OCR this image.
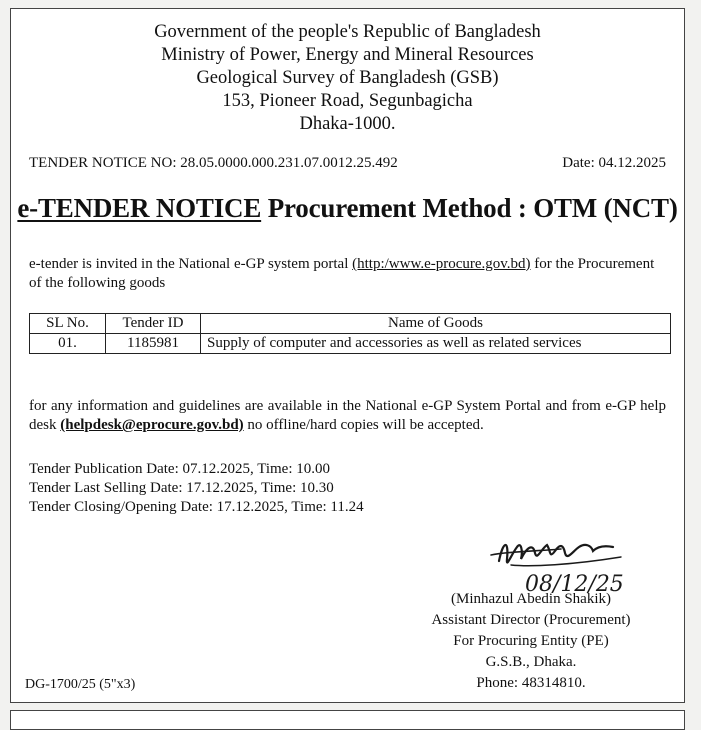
Government of the people's Republic of Bangladesh
Ministry of Power, Energy and Mineral Resources
Geological Survey of Bangladesh (GSB)
153, Pioneer Road, Segunbagicha
Dhaka-1000.
TENDER NOTICE NO: 28.05.0000.000.231.07.0012.25.492	Date: 04.12.2025
e-TENDER NOTICE Procurement Method : OTM (NCT)
e-tender is invited in the National e-GP system portal (http:/www.e-procure.gov.bd) for the Procurement of the following goods
SL No.	Tender ID	Name of Goods
01.	1185981	Supply of computer and accessories as well as related services
for any information and guidelines are available in the National e-GP System Portal and from e-GP help desk (helpdesk@eprocure.gov.bd) no offline/hard copies will be accepted.
Tender Publication Date: 07.12.2025, Time: 10.00
Tender Last Selling Date: 17.12.2025, Time: 10.30
Tender Closing/Opening Date: 17.12.2025, Time: 11.24
08/12/25
(Minhazul Abedin Shakik)
Assistant Director (Procurement)
For Procuring Entity (PE)
G.S.B., Dhaka.
Phone: 48314810.
DG-1700/25 (5"x3)
